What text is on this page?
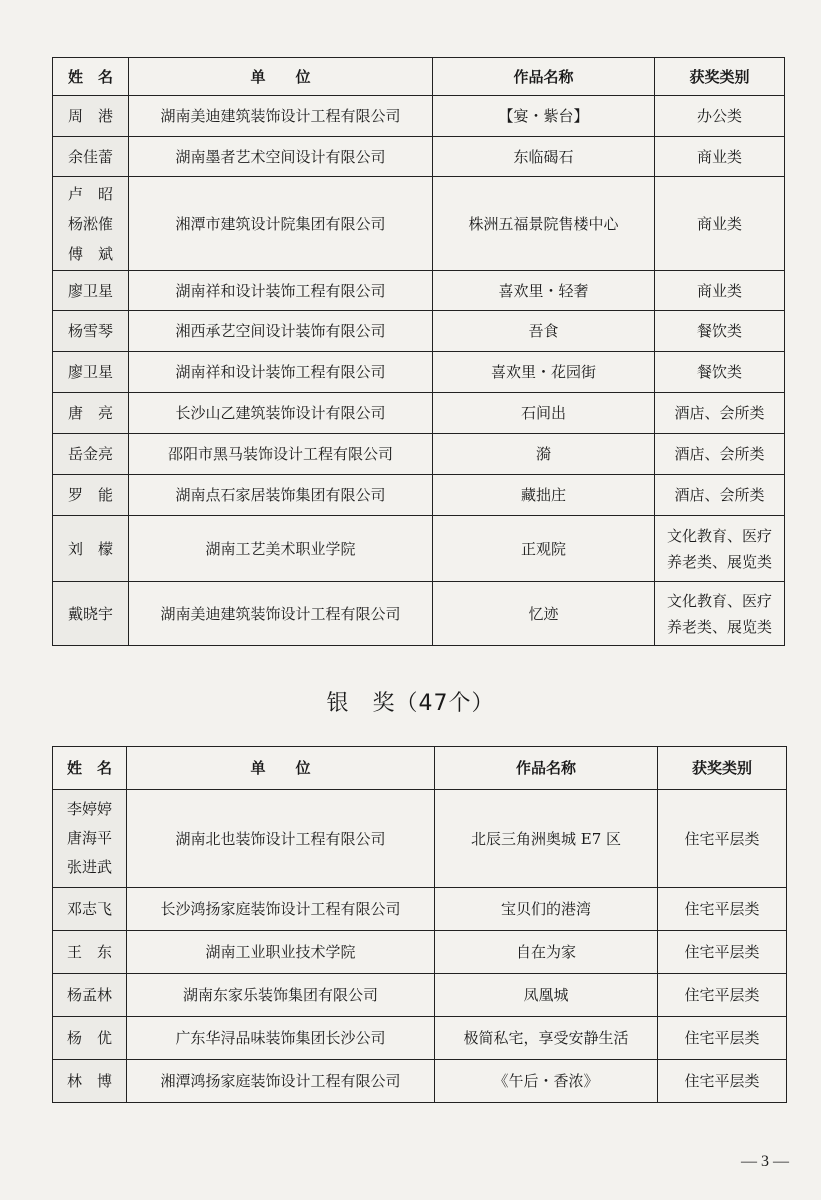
姓　名	单　　位	作品名称	获奖类别
周　港	湖南美迪建筑装饰设计工程有限公司	【宴・紫台】	办公类
余佳蕾	湖南墨者艺术空间设计有限公司	东临碣石	商业类
卢　昭
杨淞傕
傅　斌	湘潭市建筑设计院集团有限公司	株洲五福景院售楼中心	商业类
廖卫星	湖南祥和设计装饰工程有限公司	喜欢里・轻奢	商业类
杨雪琴	湘西承艺空间设计装饰有限公司	吾食	餐饮类
廖卫星	湖南祥和设计装饰工程有限公司	喜欢里・花园街	餐饮类
唐　亮	长沙山乙建筑装饰设计有限公司	石间出	酒店、会所类
岳金亮	邵阳市黑马装饰设计工程有限公司	漪	酒店、会所类
罗　能	湖南点石家居装饰集团有限公司	藏拙庄	酒店、会所类
刘　檬	湖南工艺美术职业学院	正观院	文化教育、医疗
养老类、展览类
戴晓宇	湖南美迪建筑装饰设计工程有限公司	忆迹	文化教育、医疗
养老类、展览类
银　奖（47个）
姓　名	单　　位	作品名称	获奖类别
李婷婷
唐海平
张进武	湖南北也装饰设计工程有限公司	北辰三角洲奥城 E7 区	住宅平层类
邓志飞	长沙鸿扬家庭装饰设计工程有限公司	宝贝们的港湾	住宅平层类
王　东	湖南工业职业技术学院	自在为家	住宅平层类
杨孟林	湖南东家乐装饰集团有限公司	凤凰城	住宅平层类
杨　优	广东华浔品味装饰集团长沙公司	极简私宅，享受安静生活	住宅平层类
林　博	湘潭鸿扬家庭装饰设计工程有限公司	《午后・香浓》	住宅平层类
— 3 —
